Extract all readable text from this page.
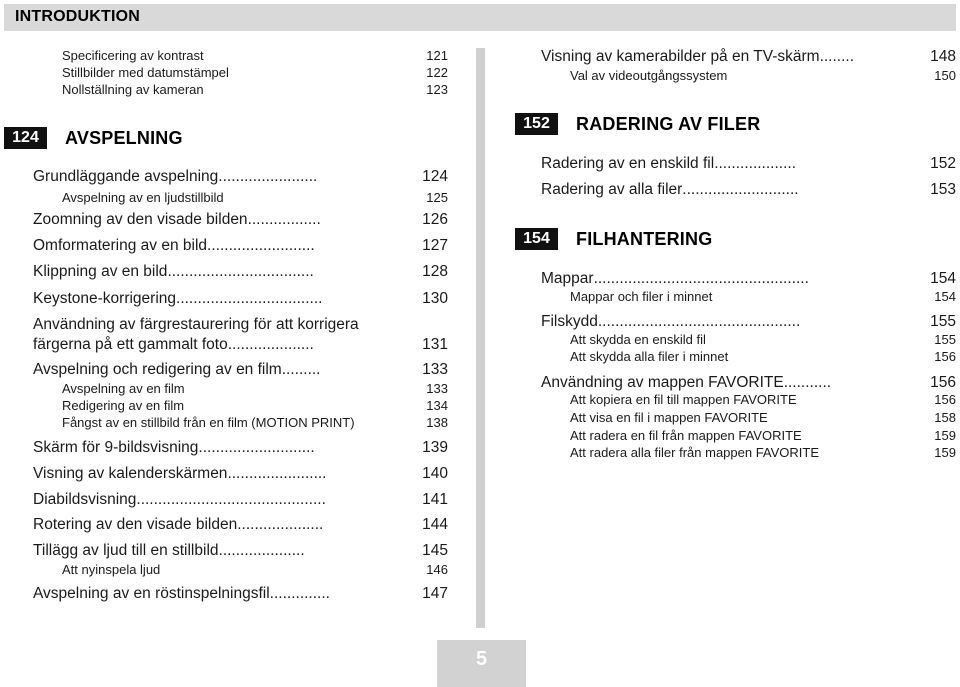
INTRODUKTION
Specificering av kontrast	121
Stillbilder med datumstämpel	122
Nollställning av kameran	123
124	AVSPELNING
Grundläggande avspelning .......................	124
Avspelning av en ljudstillbild	125
Zoomning av den visade bilden .................	126
Omformatering av en bild .........................	127
Klippning av en bild ..................................	128
Keystone-korrigering ..................................	130
Användning av färgrestaurering för att korrigera
färgerna på ett gammalt foto ....................	131
Avspelning och redigering av en film .........	133
Avspelning av en film	133
Redigering av en film	134
Fångst av en stillbild från en film (MOTION PRINT)	138
Skärm för 9-bildsvisning ...........................	139
Visning av kalenderskärmen .......................	140
Diabildsvisning ............................................	141
Rotering av den visade bilden ....................	144
Tillägg av ljud till en stillbild ....................	145
Att nyinspela ljud	146
Avspelning av en röstinspelningsfil ..............	147
Visning av kamerabilder på en TV-skärm ........	148
Val av videoutgångssystem	150
152	RADERING AV FILER
Radering av en enskild fil ...................	152
Radering av alla filer ...........................	153
154	FILHANTERING
Mappar ..................................................	154
Mappar och filer i minnet	154
Filskydd ...............................................	155
Att skydda en enskild fil	155
Att skydda alla filer i minnet	156
Användning av mappen FAVORITE ...........	156
Att kopiera en fil till mappen FAVORITE	156
Att visa en fil i mappen FAVORITE	158
Att radera en fil från mappen FAVORITE	159
Att radera alla filer från mappen FAVORITE	159
5
